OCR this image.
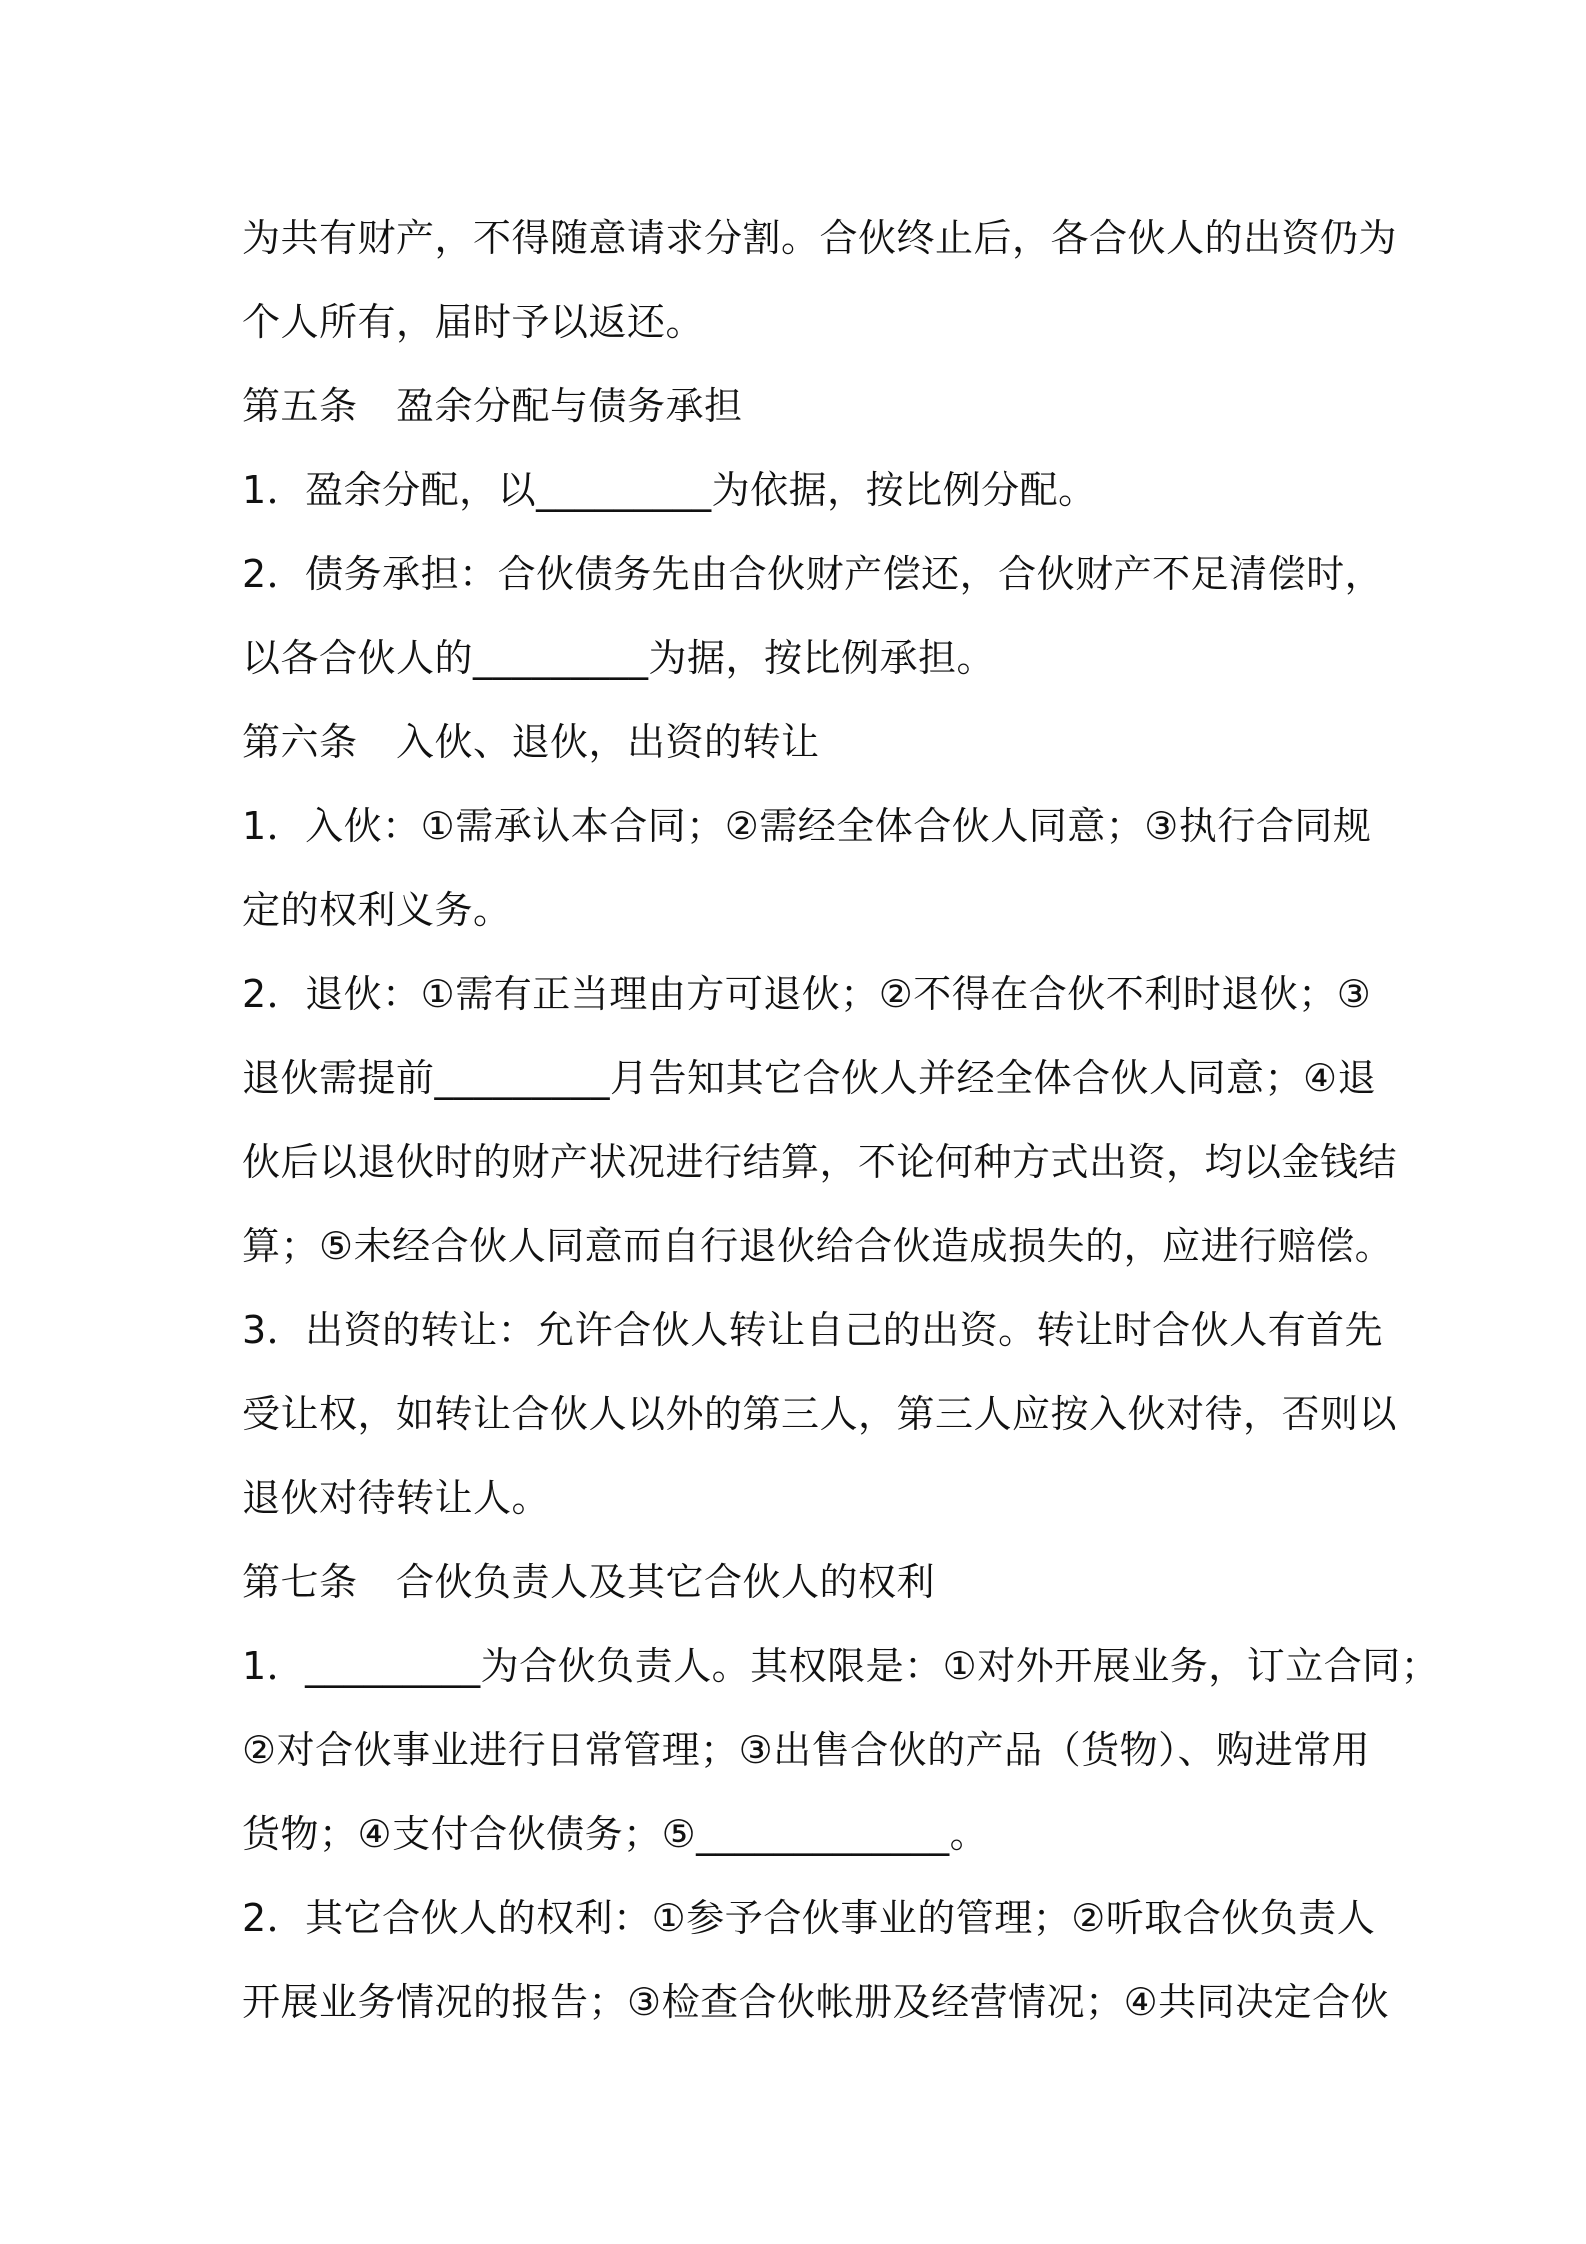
为共有财产，不得随意请求分割。合伙终止后，各合伙人的出资仍为
个人所有，届时予以返还。
第五条　盈余分配与债务承担
1．盈余分配，以_________为依据，按比例分配。
2．债务承担：合伙债务先由合伙财产偿还，合伙财产不足清偿时，
以各合伙人的_________为据，按比例承担。
第六条　入伙、退伙，出资的转让
1．入伙：①需承认本合同；②需经全体合伙人同意；③执行合同规
定的权利义务。
2．退伙：①需有正当理由方可退伙；②不得在合伙不利时退伙；③
退伙需提前_________月告知其它合伙人并经全体合伙人同意；④退
伙后以退伙时的财产状况进行结算，不论何种方式出资，均以金钱结
算；⑤未经合伙人同意而自行退伙给合伙造成损失的，应进行赔偿。
3．出资的转让：允许合伙人转让自己的出资。转让时合伙人有首先
受让权，如转让合伙人以外的第三人，第三人应按入伙对待，否则以
退伙对待转让人。
第七条　合伙负责人及其它合伙人的权利
1．_________为合伙负责人。其权限是：①对外开展业务，订立合同；
②对合伙事业进行日常管理；③出售合伙的产品（货物）、购进常用
货物；④支付合伙债务；⑤_____________。
2．其它合伙人的权利：①参予合伙事业的管理；②听取合伙负责人
开展业务情况的报告；③检查合伙帐册及经营情况；④共同决定合伙
